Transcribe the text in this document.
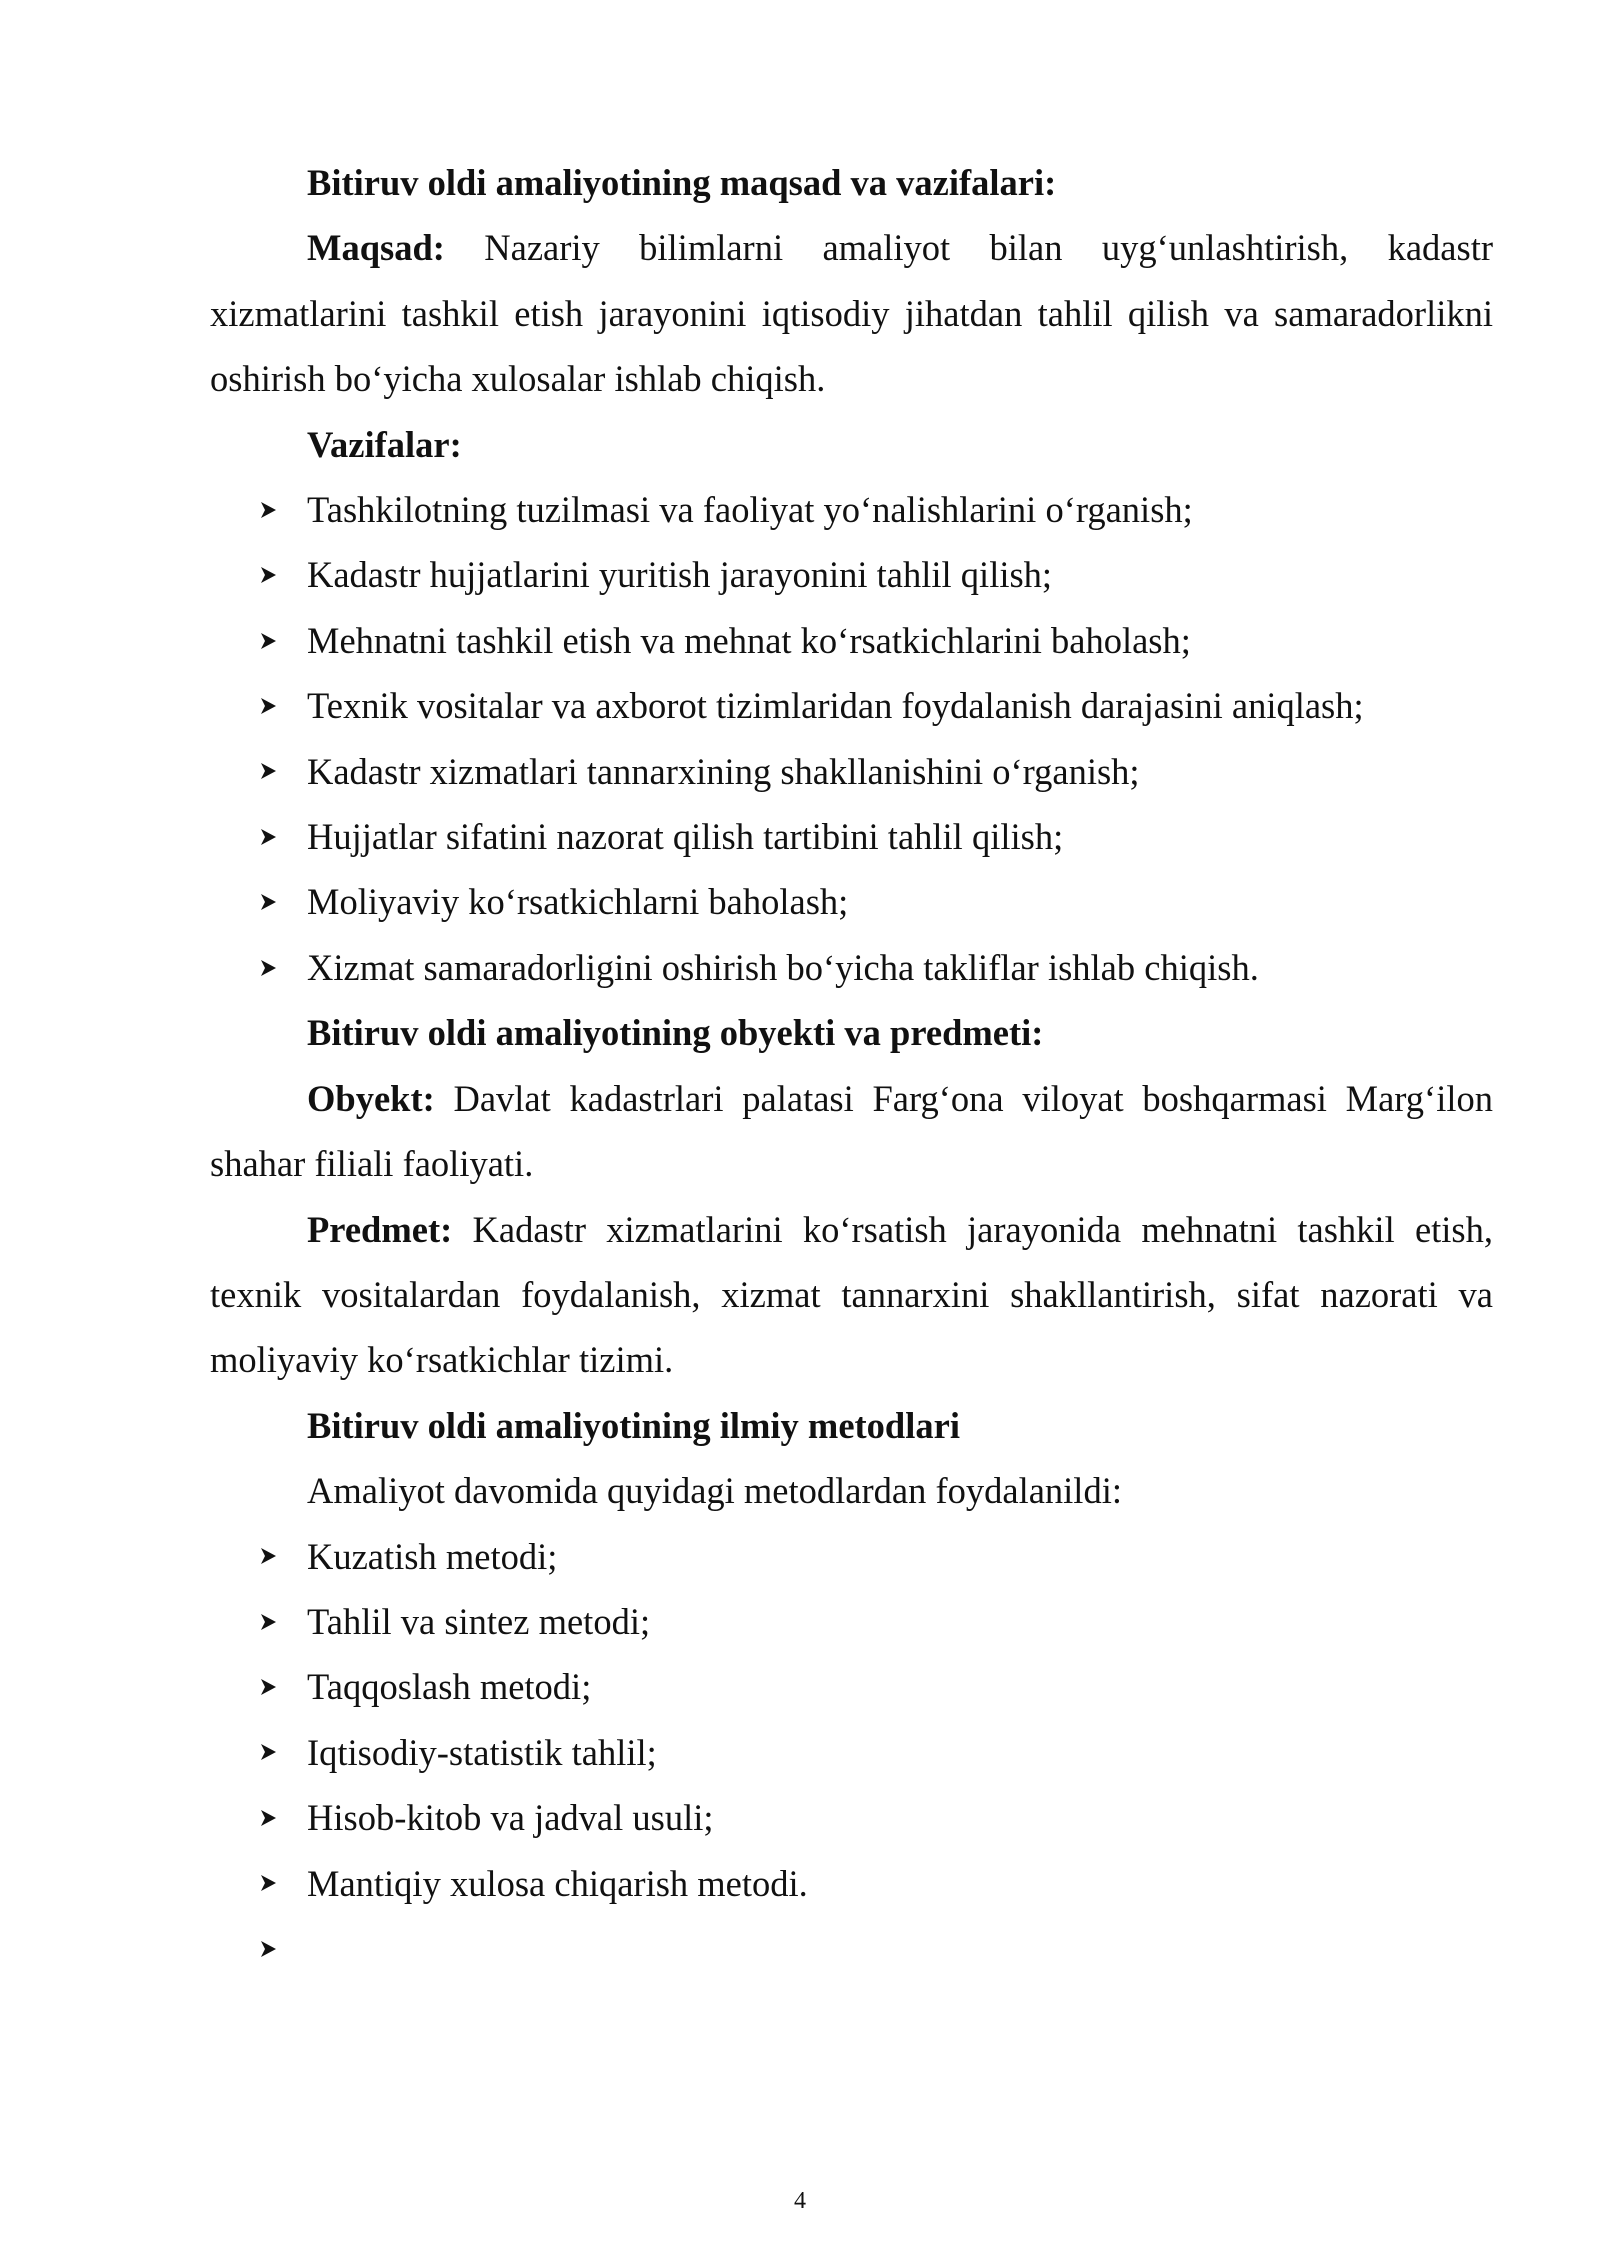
Bitiruv oldi amaliyotining maqsad va vazifalari:

Maqsad: Nazariy bilimlarni amaliyot bilan uyg‘unlashtirish, kadastr xizmatlarini tashkil etish jarayonini iqtisodiy jihatdan tahlil qilish va samaradorlikni oshirish bo‘yicha xulosalar ishlab chiqish.

Vazifalar:

Tashkilotning tuzilmasi va faoliyat yo‘nalishlarini o‘rganish;
Kadastr hujjatlarini yuritish jarayonini tahlil qilish;
Mehnatni tashkil etish va mehnat ko‘rsatkichlarini baholash;
Texnik vositalar va axborot tizimlaridan foydalanish darajasini aniqlash;
Kadastr xizmatlari tannarxining shakllanishini o‘rganish;
Hujjatlar sifatini nazorat qilish tartibini tahlil qilish;
Moliyaviy ko‘rsatkichlarni baholash;
Xizmat samaradorligini oshirish bo‘yicha takliflar ishlab chiqish.

Bitiruv oldi amaliyotining obyekti va predmeti:

Obyekt: Davlat kadastrlari palatasi Farg‘ona viloyat boshqarmasi Marg‘ilon shahar filiali faoliyati.

Predmet: Kadastr xizmatlarini ko‘rsatish jarayonida mehnatni tashkil etish, texnik vositalardan foydalanish, xizmat tannarxini shakllantirish, sifat nazorati va moliyaviy ko‘rsatkichlar tizimi.

Bitiruv oldi amaliyotining ilmiy metodlari

Amaliyot davomida quyidagi metodlardan foydalanildi:

Kuzatish metodi;
Tahlil va sintez metodi;
Taqqoslash metodi;
Iqtisodiy-statistik tahlil;
Hisob-kitob va jadval usuli;
Mantiqiy xulosa chiqarish metodi.
4
